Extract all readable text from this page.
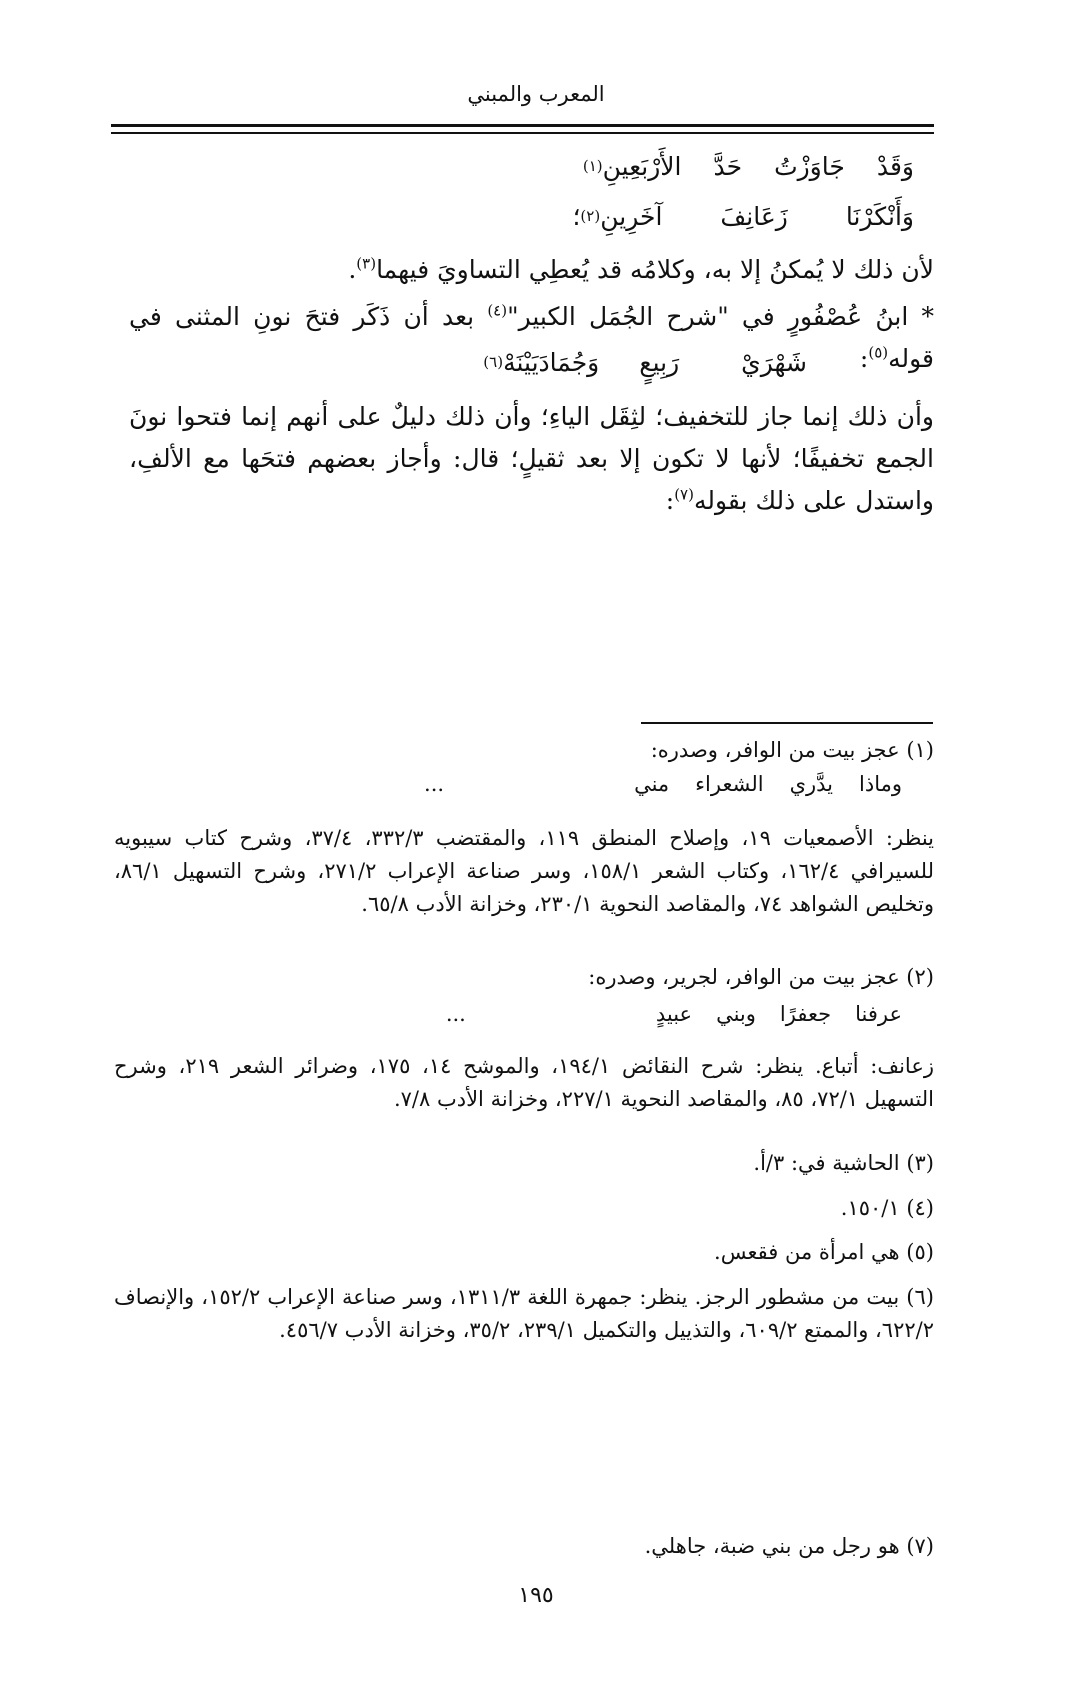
المعرب والمبني
وَقَدْ
جَاوَزْتُ
حَدَّ
الأَرْبَعِينِ
(١)
وَأَنْكَرْنَا
زَعَانِفَ
آخَرِينِ
(٢)
؛

لأن ذلك لا يُمكنُ إلا به، وكلامُه قد يُعطِي التساويَ فيهما$^{(٣)}$.

* ابنُ عُصْفُورٍ في "شرح الجُمَل الكبير"$^{(٤)}$ بعد أن ذَكَر فتحَ نونِ المثنى في قوله$^{(٥)}$:

شَهْرَيْ
رَبِيعٍ
وَجُمَادَيَيْنَهْ
(٦)

وأن ذلك إنما جاز للتخفيف؛ لثِقَل الياءِ؛ وأن ذلك دليلٌ على أنهم إنما فتحوا نونَ الجمع تخفيفًا؛ لأنها لا تكون إلا بعد ثقيلٍ؛ قال: وأجاز بعضهم فتحَها مع الألفِ، واستدل على ذلك بقوله$^{(٧)}$:

(١) عجز بيت من الوافر، وصدره:

وماذا
يدَّري
الشعراء
مني
...

ينظر: الأصمعيات ١٩، وإصلاح المنطق ١١٩، والمقتضب ٣٣٢/٣، ٣٧/٤، وشرح كتاب سيبويه للسيرافي ١٦٢/٤، وكتاب الشعر ١٥٨/١، وسر صناعة الإعراب ٢٧١/٢، وشرح التسهيل ٨٦/١، وتخليص الشواهد ٧٤، والمقاصد النحوية ٢٣٠/١، وخزانة الأدب ٦٥/٨.

(٢) عجز بيت من الوافر، لجرير، وصدره:

عرفنا
جعفرًا
وبني
عبيدٍ
...

زعانف: أتباع. ينظر: شرح النقائض ١٩٤/١، والموشح ١٤، ١٧٥، وضرائر الشعر ٢١٩، وشرح التسهيل ٧٢/١، ٨٥، والمقاصد النحوية ٢٢٧/١، وخزانة الأدب ٧/٨.

(٣) الحاشية في: ٣/أ.

(٤) ١٥٠/١.

(٥) هي امرأة من فقعس.

(٦) بيت من مشطور الرجز. ينظر: جمهرة اللغة ١٣١١/٣، وسر صناعة الإعراب ١٥٢/٢، والإنصاف ٦٢٢/٢، والممتع ٦٠٩/٢، والتذييل والتكميل ٢٣٩/١، ٣٥/٢، وخزانة الأدب ٤٥٦/٧.

(٧) هو رجل من بني ضبة، جاهلي.

١٩٥
